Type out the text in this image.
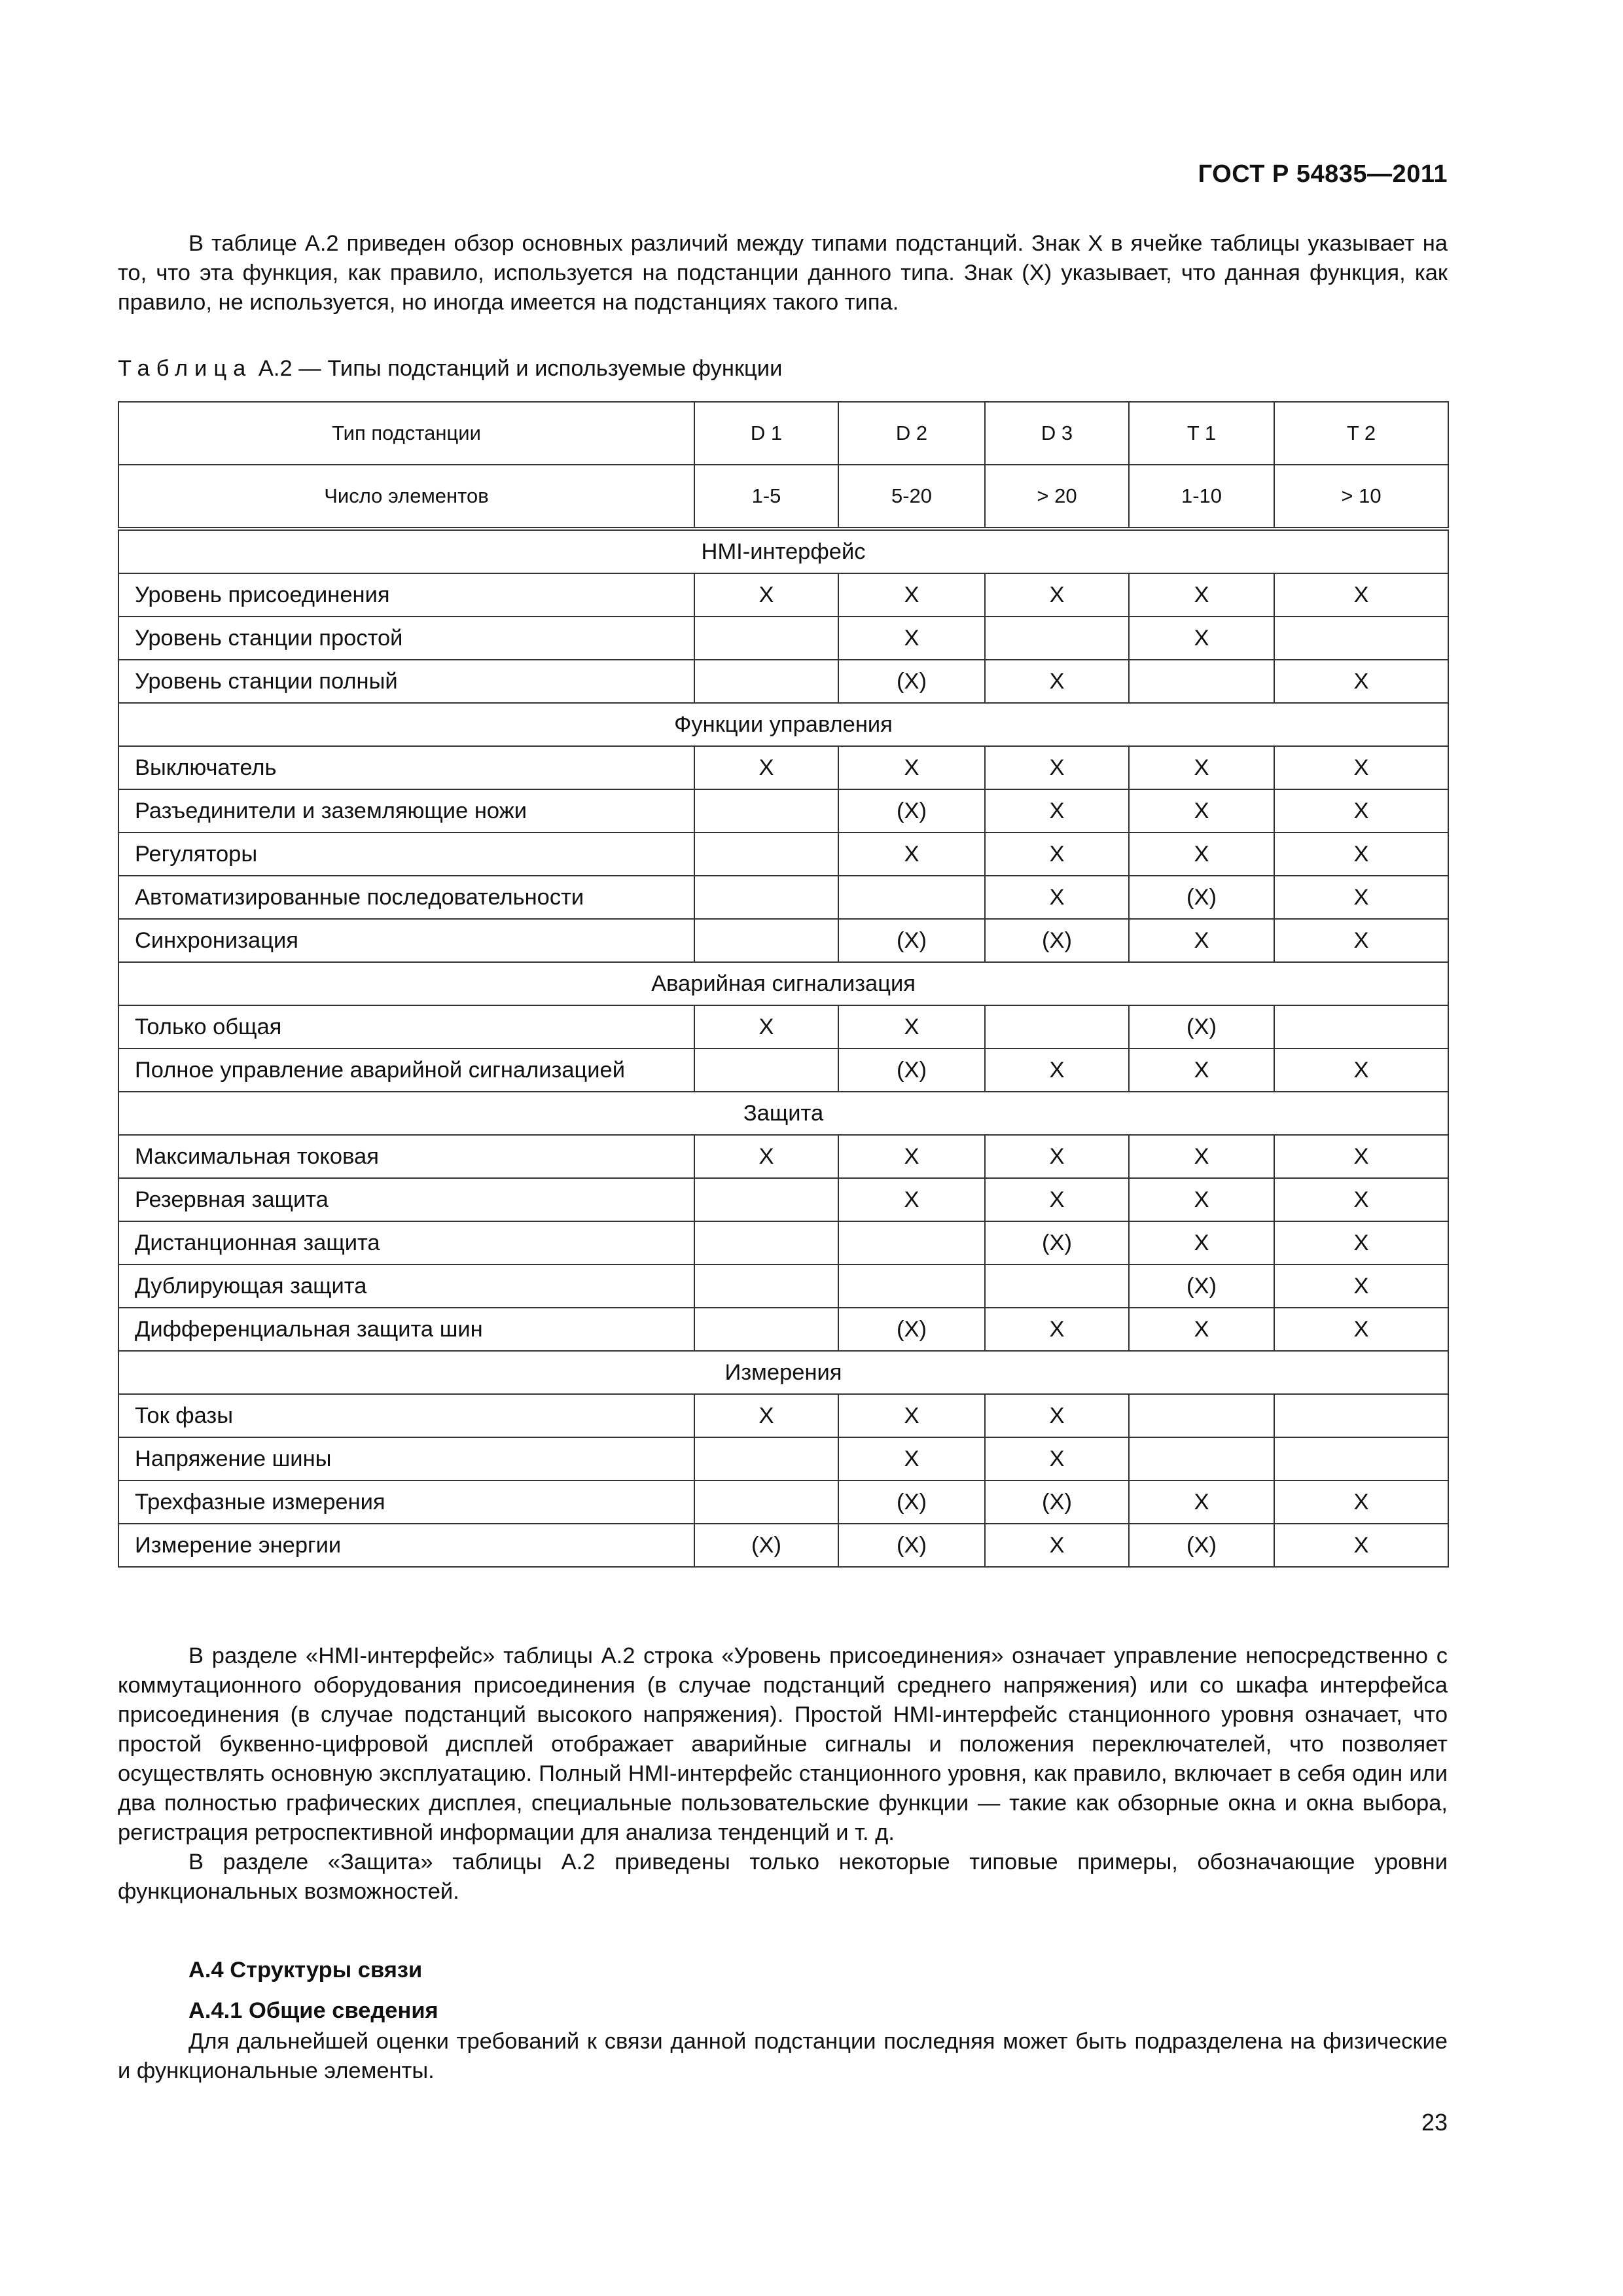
ГОСТ Р 54835—2011

В таблице А.2 приведен обзор основных различий между типами подстанций. Знак X в ячейке таблицы указывает на то, что эта функция, как правило, используется на подстанции данного типа. Знак (X) указывает, что данная функция, как правило, не используется, но иногда имеется на подстанциях такого типа.

Таблица А.2 — Типы подстанций и используемые функции
Тип подстанции	D 1	D 2	D 3	T 1	T 2
Число элементов	1-5	5-20	> 20	1-10	> 10
HMI-интерфейс					
Уровень присоединения	X	X	X	X	X
Уровень станции простой		X		X	
Уровень станции полный		(X)	X		X
Функции управления					
Выключатель	X	X	X	X	X
Разъединители и заземляющие ножи		(X)	X	X	X
Регуляторы		X	X	X	X
Автоматизированные последовательности			X	(X)	X
Синхронизация		(X)	(X)	X	X
Аварийная сигнализация					
Только общая	X	X		(X)	
Полное управление аварийной сигнализацией		(X)	X	X	X
Защита					
Максимальная токовая	X	X	X	X	X
Резервная защита		X	X	X	X
Дистанционная защита			(X)	X	X
Дублирующая защита				(X)	X
Дифференциальная защита шин		(X)	X	X	X
Измерения					
Ток фазы	X	X	X		
Напряжение шины		X	X		
Трехфазные измерения		(X)	(X)	X	X
Измерение энергии	(X)	(X)	X	(X)	X

В разделе «HMI-интерфейс» таблицы А.2 строка «Уровень присоединения» означает управление непосредственно с коммутационного оборудования присоединения (в случае подстанций среднего напряжения) или со шкафа интерфейса присоединения (в случае подстанций высокого напряжения). Простой HMI-интерфейс станционного уровня означает, что простой буквенно-цифровой дисплей отображает аварийные сигналы и положения переключателей, что позволяет осуществлять основную эксплуатацию. Полный HMI-интерфейс станционного уровня, как правило, включает в себя один или два полностью графических дисплея, специальные пользовательские функции — такие как обзорные окна и окна выбора, регистрация ретроспективной информации для анализа тенденций и т. д.

В разделе «Защита» таблицы А.2 приведены только некоторые типовые примеры, обозначающие уровни функциональных возможностей.

А.4 Структуры связи
А.4.1 Общие сведения

Для дальнейшей оценки требований к связи данной подстанции последняя может быть подразделена на физические и функциональные элементы.

23
